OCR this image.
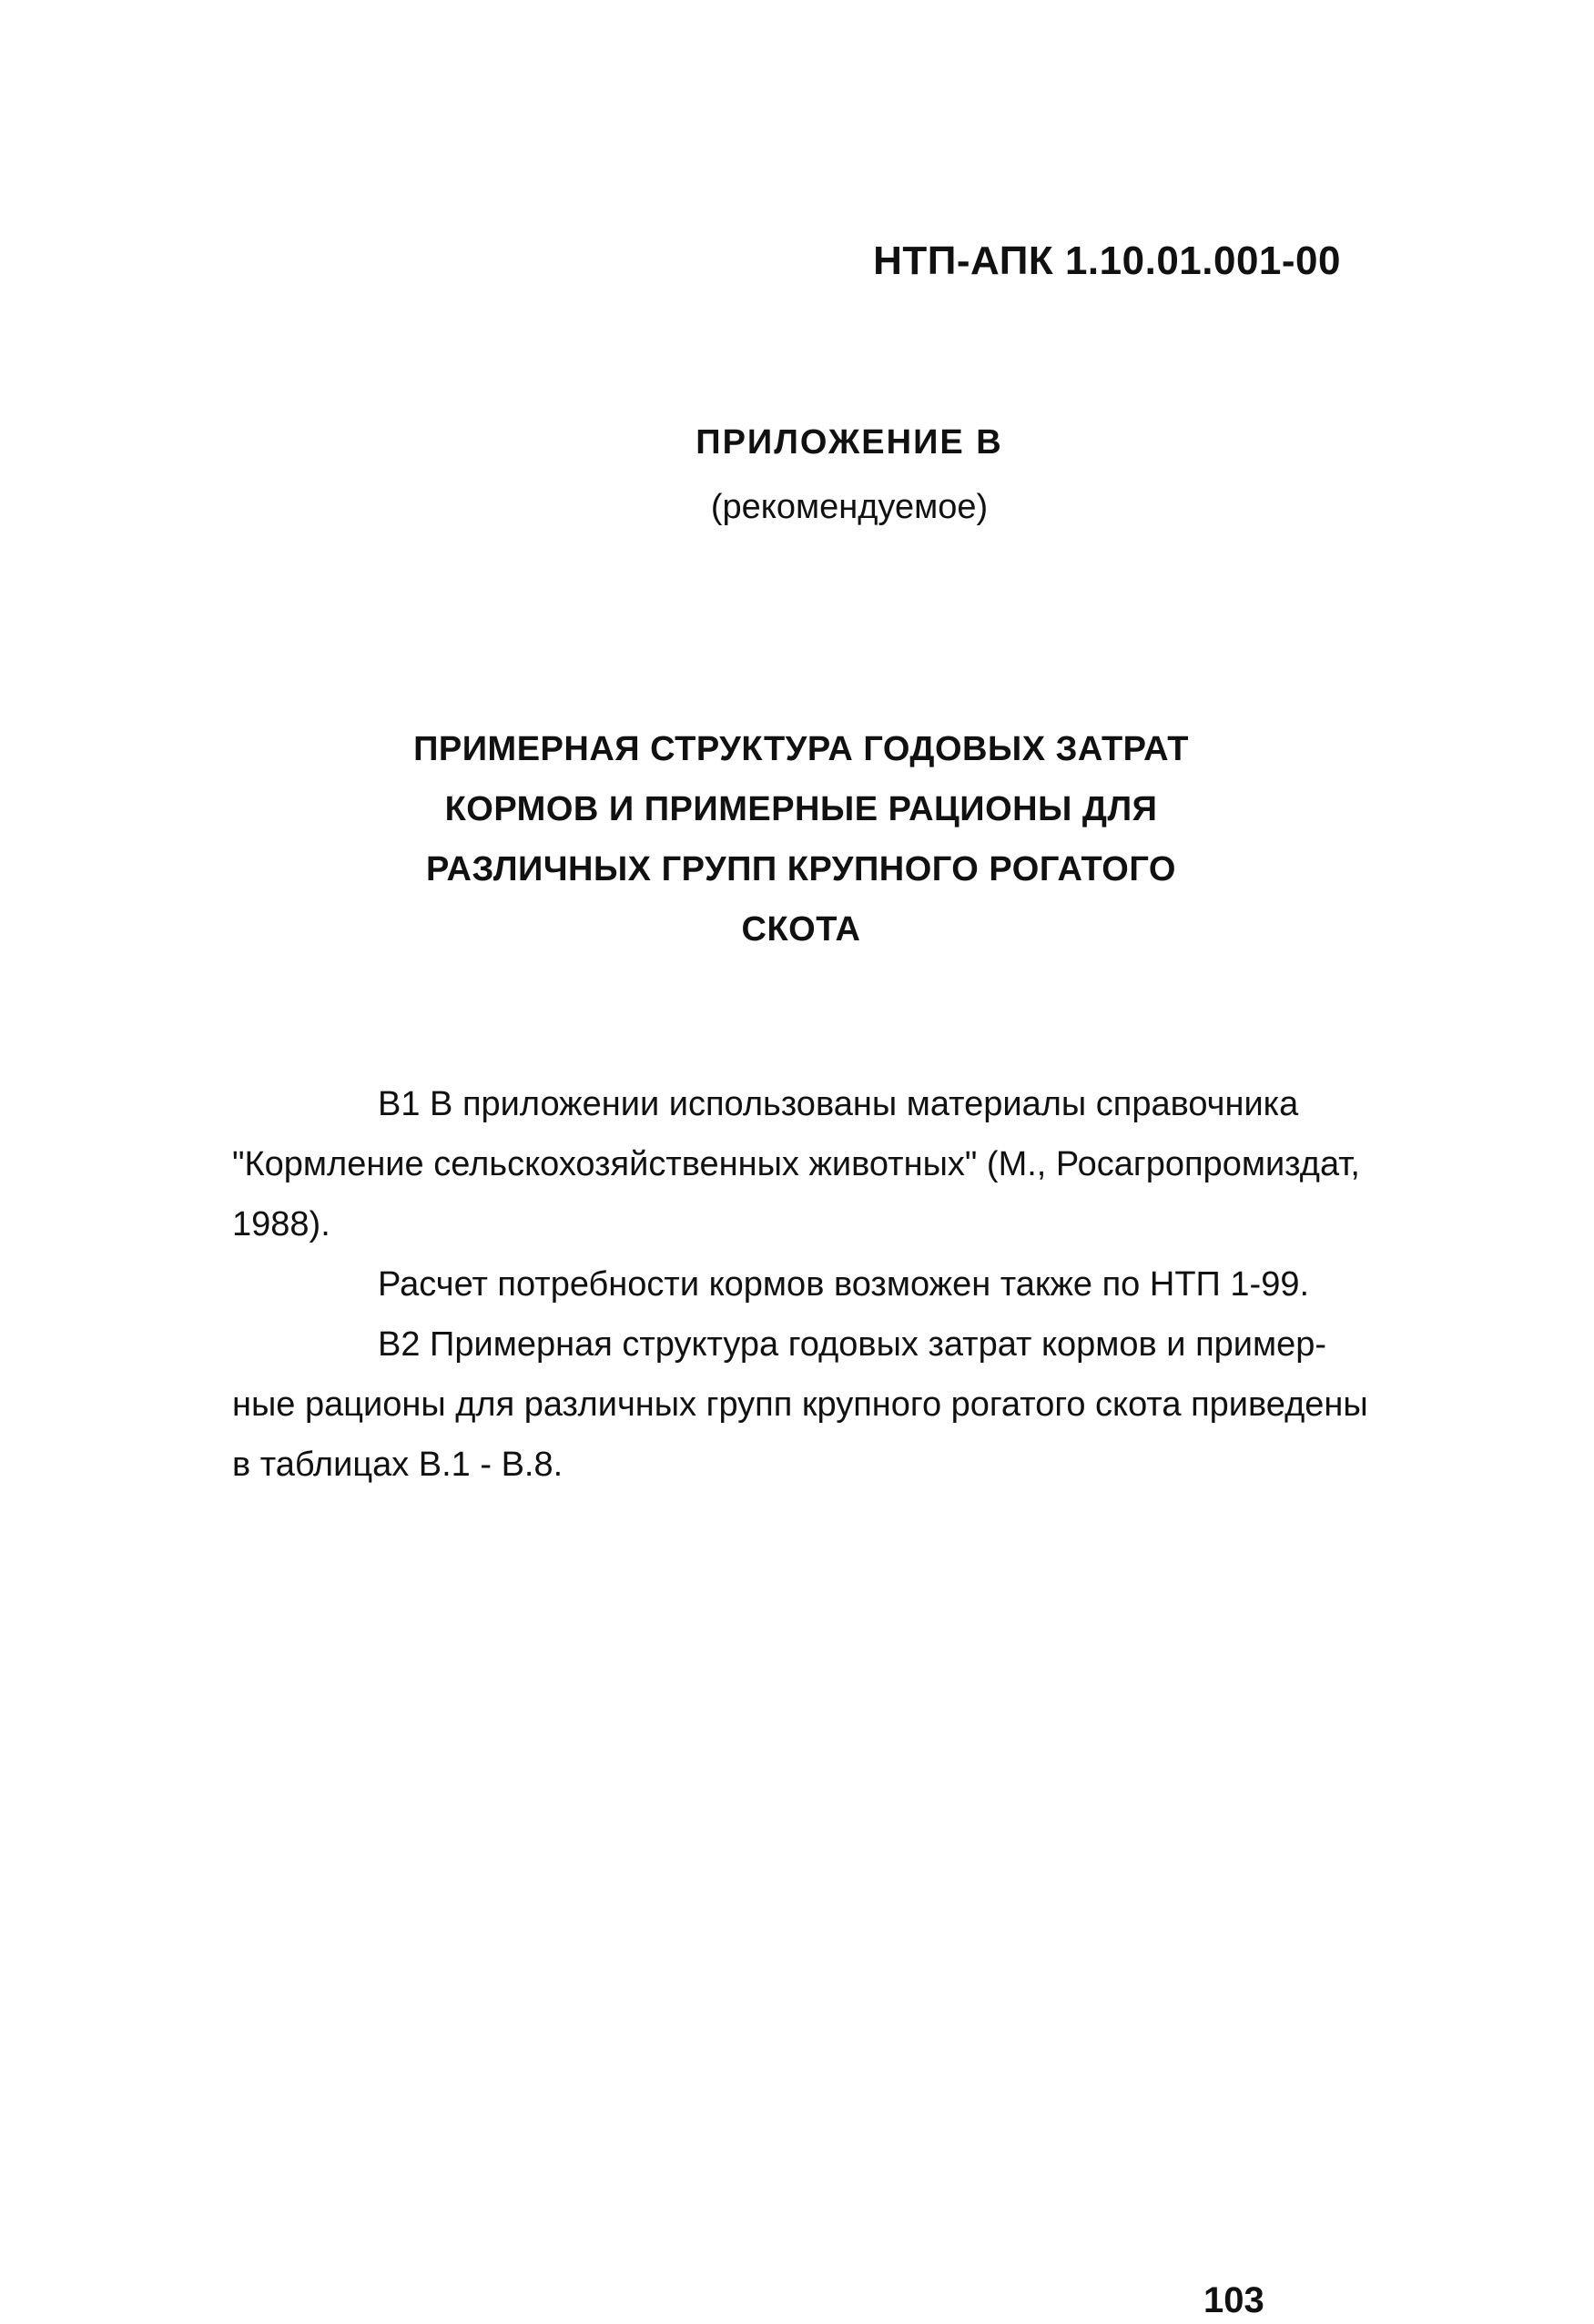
НТП-АПК 1.10.01.001-00
ПРИЛОЖЕНИЕ В
(рекомендуемое)
ПРИМЕРНАЯ СТРУКТУРА ГОДОВЫХ ЗАТРАТ
КОРМОВ И ПРИМЕРНЫЕ РАЦИОНЫ ДЛЯ
РАЗЛИЧНЫХ ГРУПП КРУПНОГО РОГАТОГО
СКОТА
В1 В приложении использованы материалы справочника
"Кормление сельскохозяйственных животных" (М., Росагропромиздат,
1988).
Расчет потребности кормов возможен также по НТП 1-99.
В2 Примерная структура годовых затрат кормов и пример-
ные рационы для различных групп крупного рогатого скота приведены
в таблицах В.1 - В.8.
103
